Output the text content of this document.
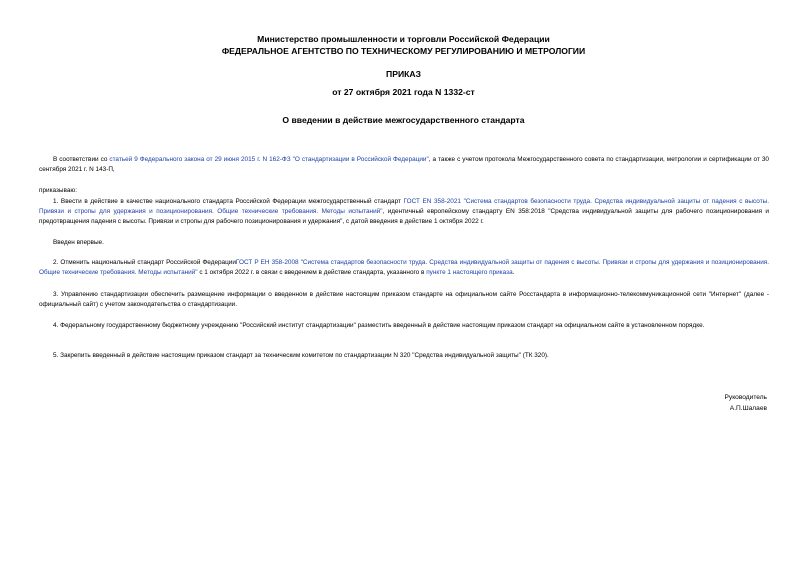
Министерство промышленности и торговли Российской Федерации
ФЕДЕРАЛЬНОЕ АГЕНТСТВО ПО ТЕХНИЧЕСКОМУ РЕГУЛИРОВАНИЮ И МЕТРОЛОГИИ
ПРИКАЗ
от 27 октября 2021 года N 1332-ст
О введении в действие межгосударственного стандарта
В соответствии со статьей 9 Федерального закона от 29 июня 2015 г. N 162-ФЗ "О стандартизации в Российской Федерации", а также с учетом протокола Межгосударственного совета по стандартизации, метрологии и сертификации от 30 сентября 2021 г. N 143-П,
приказываю:
1. Ввести в действие в качестве национального стандарта Российской Федерации межгосударственный стандарт ГОСТ EN 358-2021 "Система стандартов безопасности труда. Средства индивидуальной защиты от падения с высоты. Привязи и стропы для удержания и позиционирования. Общие технические требования. Методы испытаний", идентичный европейскому стандарту EN 358:2018 "Средства индивидуальной защиты для рабочего позиционирования и предотвращения падения с высоты. Привязи и стропы для рабочего позиционирования и удержания", с датой введения в действие 1 октября 2022 г.
Введен впервые.
2. Отменить национальный стандарт Российской ФедерацииГОСТ Р ЕН 358-2008 "Система стандартов безопасности труда. Средства индивидуальной защиты от падения с высоты. Привязи и стропы для удержания и позиционирования. Общие технические требования. Методы испытаний" с 1 октября 2022 г. в связи с введением в действие стандарта, указанного в пункте 1 настоящего приказа.
3. Управлению стандартизации обеспечить размещение информации о введенном в действие настоящим приказом стандарте на официальном сайте Росстандарта в информационно-телекоммуникационной сети "Интернет" (далее - официальный сайт) с учетом законодательства о стандартизации.
4. Федеральному государственному бюджетному учреждению "Российский институт стандартизации" разместить введенный в действие настоящим приказом стандарт на официальном сайте в установленном порядке.
5. Закрепить введенный в действие настоящим приказом стандарт за техническим комитетом по стандартизации N 320 "Средства индивидуальной защиты" (ТК 320).
Руководитель
А.П.Шалаев
